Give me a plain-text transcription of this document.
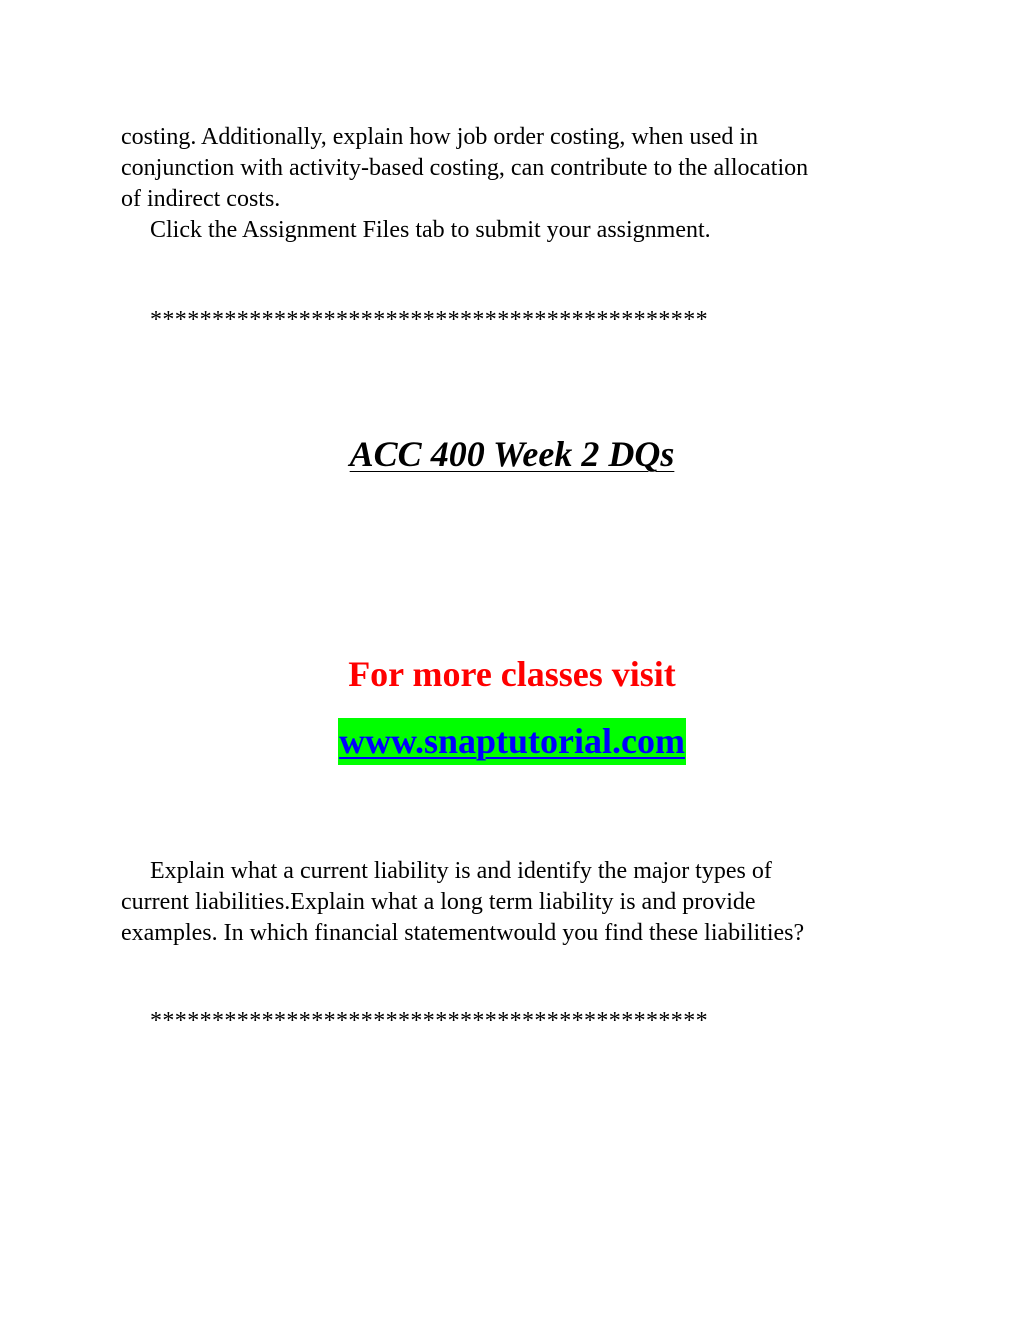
costing. Additionally, explain how job order costing, when used in
conjunction with activity-based costing, can contribute to the allocation
of indirect costs.
Click the Assignment Files tab to submit your assignment.

*********************************************

ACC 400 Week 2 DQs

For more classes visit

www.snaptutorial.com
Explain what a current liability is and identify the major types of
current liabilities.Explain what a long term liability is and provide
examples. In which financial statementwould you find these liabilities?

*********************************************
